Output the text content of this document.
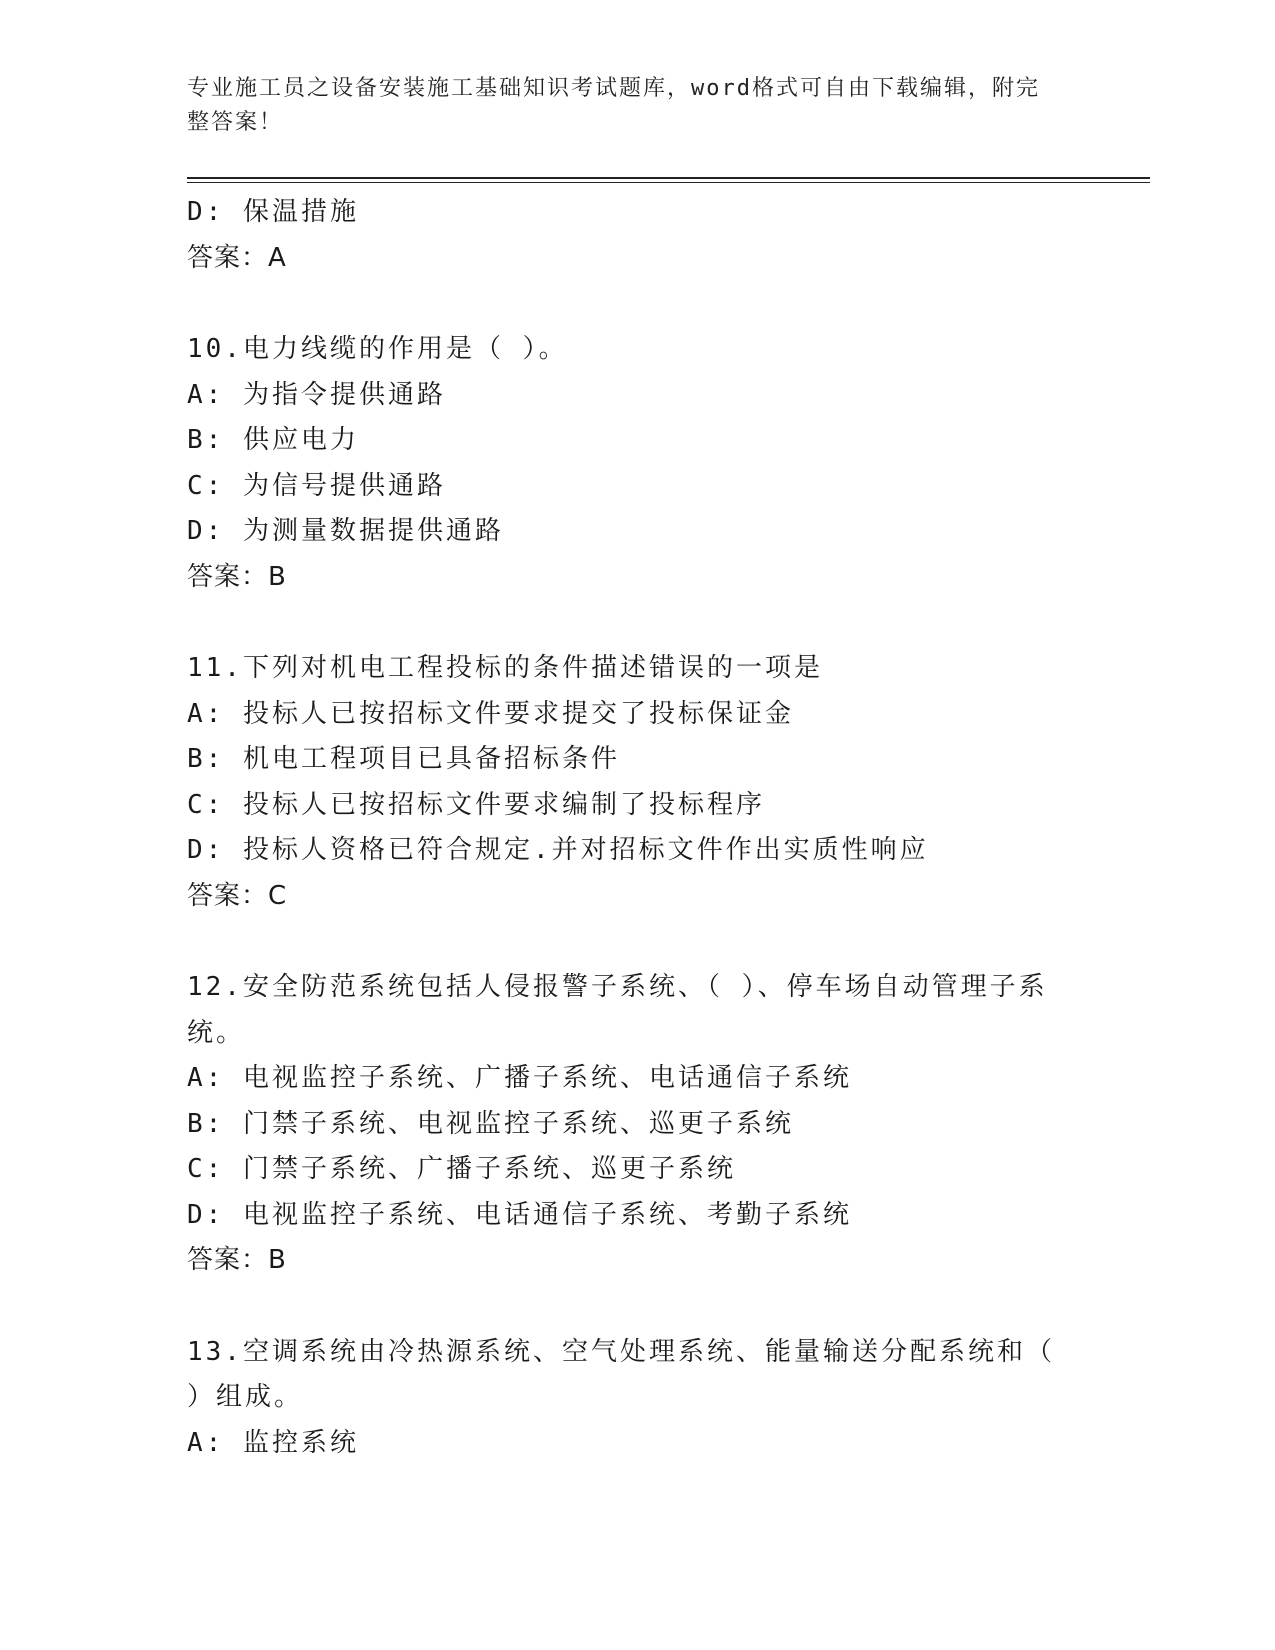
专业施工员之设备安装施工基础知识考试题库，word格式可自由下载编辑，附完
整答案！
D: 保温措施
答案：A
10.电力线缆的作用是（ ）。
A: 为指令提供通路
B: 供应电力
C: 为信号提供通路
D: 为测量数据提供通路
答案：B
11.下列对机电工程投标的条件描述错误的一项是
A: 投标人已按招标文件要求提交了投标保证金
B: 机电工程项目已具备招标条件
C: 投标人已按招标文件要求编制了投标程序
D: 投标人资格已符合规定.并对招标文件作出实质性响应
答案：C
12.安全防范系统包括人侵报警子系统、（ ）、停车场自动管理子系
统。
A: 电视监控子系统、广播子系统、电话通信子系统
B: 门禁子系统、电视监控子系统、巡更子系统
C: 门禁子系统、广播子系统、巡更子系统
D: 电视监控子系统、电话通信子系统、考勤子系统
答案：B
13.空调系统由冷热源系统、空气处理系统、能量输送分配系统和（
）组成。
A: 监控系统
